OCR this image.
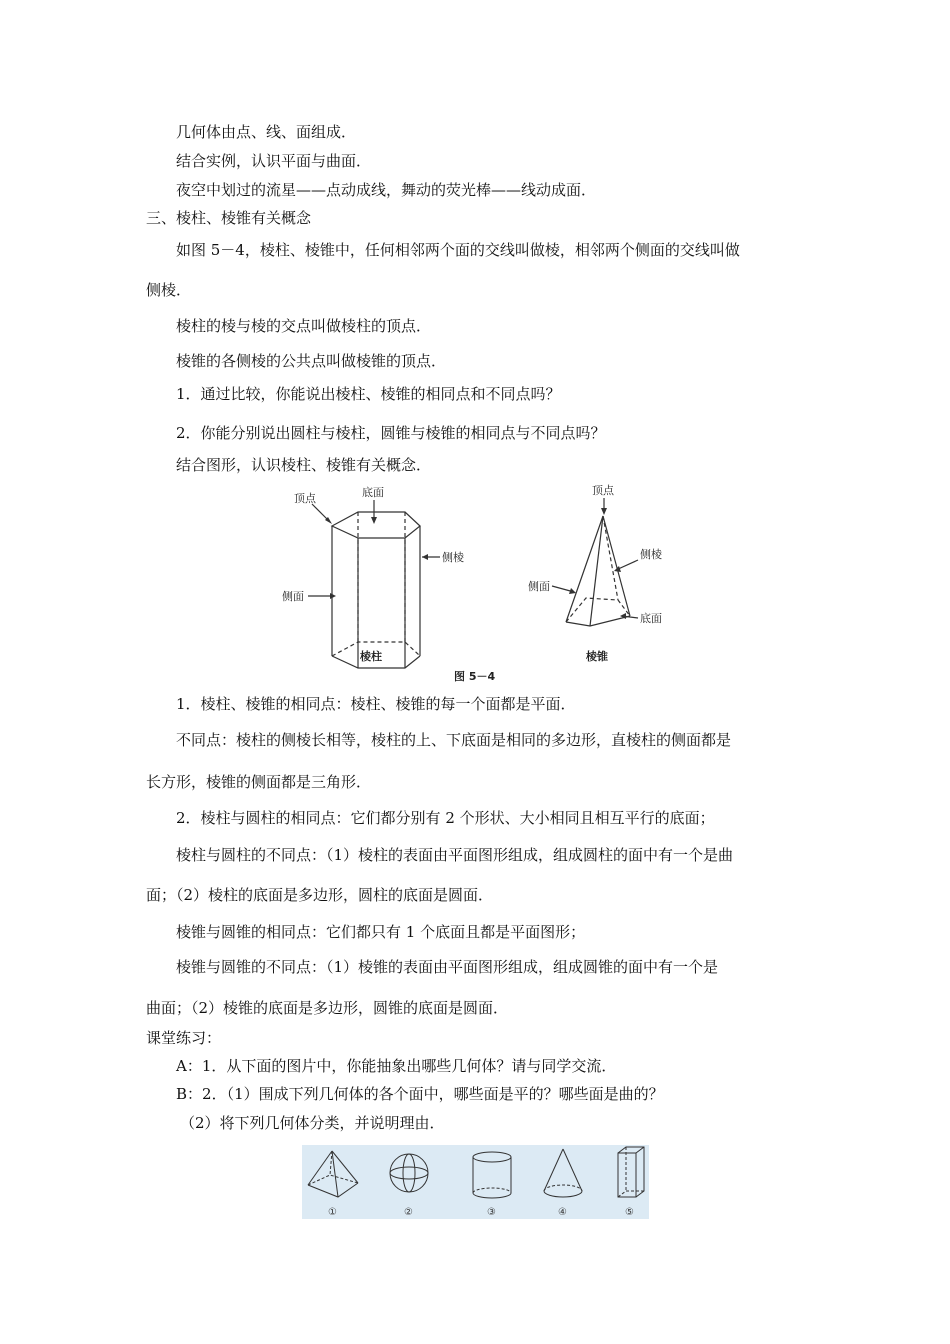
几何体由点、线、面组成．
结合实例，认识平面与曲面．
夜空中划过的流星——点动成线，舞动的荧光棒——线动成面．
三、棱柱、棱锥有关概念
如图 5－4，棱柱、棱锥中，任何相邻两个面的交线叫做棱，相邻两个侧面的交线叫做
侧棱．
棱柱的棱与棱的交点叫做棱柱的顶点．
棱锥的各侧棱的公共点叫做棱锥的顶点．
1．通过比较，你能说出棱柱、棱锥的相同点和不同点吗？
2．你能分别说出圆柱与棱柱，圆锥与棱锥的相同点与不同点吗？
结合图形，认识棱柱、棱锥有关概念．
顶点	底面
侧棱
侧面
棱柱
顶点
侧棱
侧面
底面
棱锥
图 5－4
1．棱柱、棱锥的相同点：棱柱、棱锥的每一个面都是平面．
不同点：棱柱的侧棱长相等，棱柱的上、下底面是相同的多边形，直棱柱的侧面都是
长方形，棱锥的侧面都是三角形．
2．棱柱与圆柱的相同点：它们都分别有 2 个形状、大小相同且相互平行的底面；
棱柱与圆柱的不同点：（1）棱柱的表面由平面图形组成，组成圆柱的面中有一个是曲
面；（2）棱柱的底面是多边形，圆柱的底面是圆面．
棱锥与圆锥的相同点：它们都只有 1 个底面且都是平面图形；
棱锥与圆锥的不同点：（1）棱锥的表面由平面图形组成，组成圆锥的面中有一个是
曲面；（2）棱锥的底面是多边形，圆锥的底面是圆面．
课堂练习：
A：1．从下面的图片中，你能抽象出哪些几何体？请与同学交流．
B：2．（1）围成下列几何体的各个面中，哪些面是平的？哪些面是曲的？
（2）将下列几何体分类，并说明理由．
①	②	③	④	⑤
